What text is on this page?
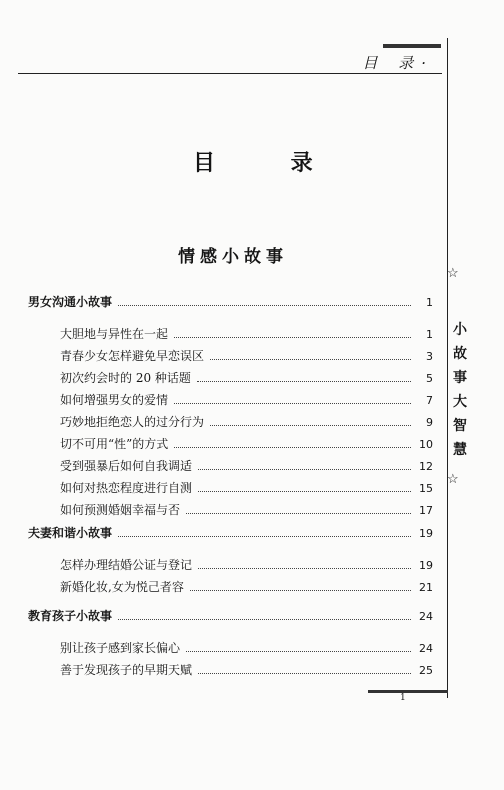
目 录·
☆
小
故
事
大
智
慧
☆
目 录
情感小故事
男女沟通小故事	1
大胆地与异性在一起	1
青春少女怎样避免早恋误区	3
初次约会时的 20 种话题	5
如何增强男女的爱情	7
巧妙地拒绝恋人的过分行为	9
切不可用“性”的方式	10
受到强暴后如何自我调适	12
如何对热恋程度进行自测	15
如何预测婚姻幸福与否	17
夫妻和谐小故事	19
怎样办理结婚公证与登记	19
新婚化妆,女为悦己者容	21
教育孩子小故事	24
别让孩子感到家长偏心	24
善于发现孩子的早期天赋	25
1
